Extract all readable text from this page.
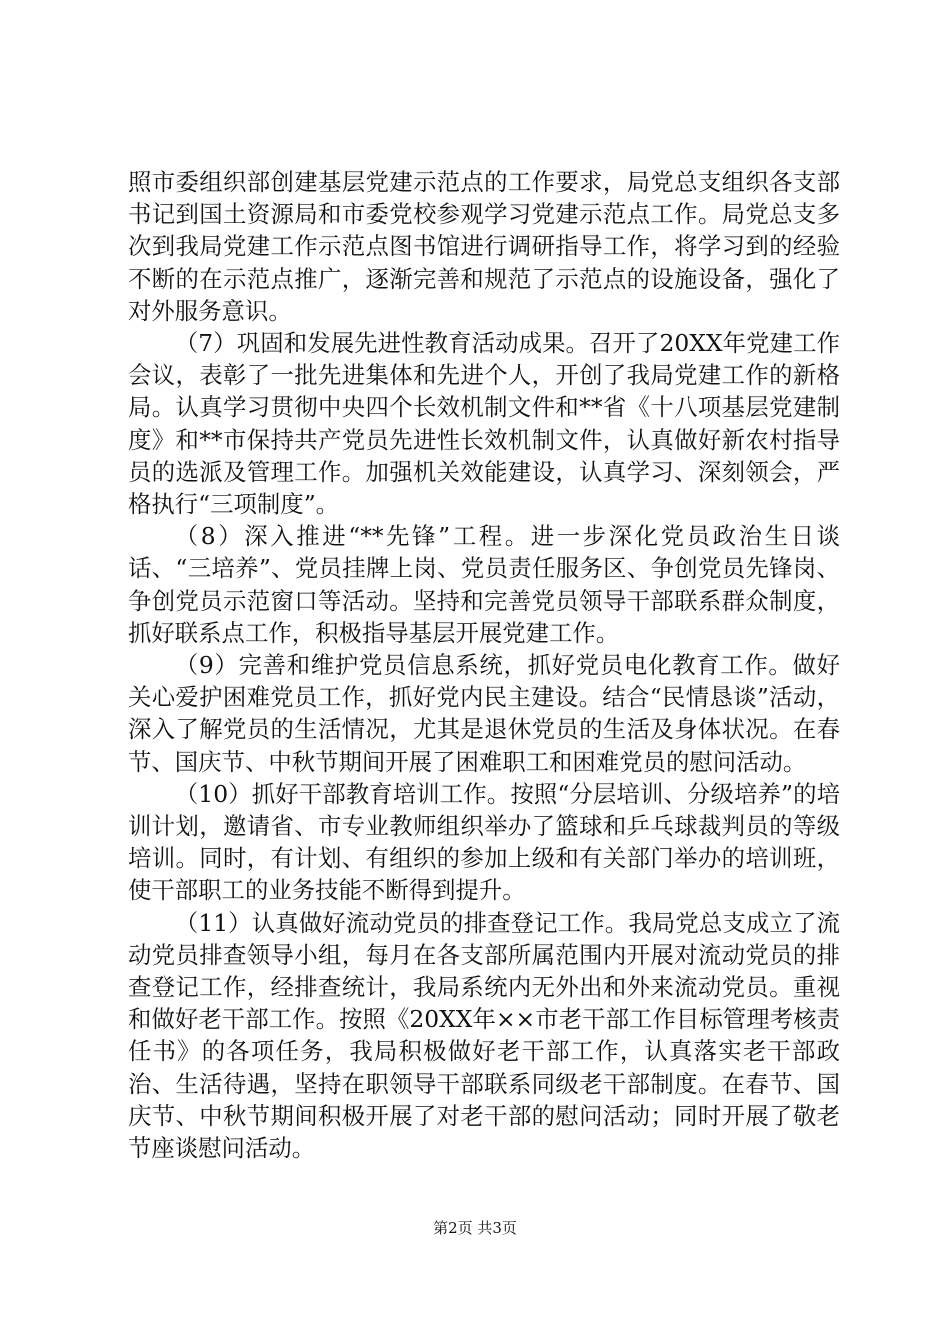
照市委组织部创建基层党建示范点的工作要求，局党总支组织各支部书记到国土资源局和市委党校参观学习党建示范点工作。局党总支多次到我局党建工作示范点图书馆进行调研指导工作，将学习到的经验不断的在示范点推广，逐渐完善和规范了示范点的设施设备，强化了对外服务意识。

（7）巩固和发展先进性教育活动成果。召开了20XX年党建工作会议，表彰了一批先进集体和先进个人，开创了我局党建工作的新格局。认真学习贯彻中央四个长效机制文件和**省《十八项基层党建制度》和**市保持共产党员先进性长效机制文件，认真做好新农村指导员的选派及管理工作。加强机关效能建设，认真学习、深刻领会，严格执行“三项制度”。

（8）深入推进“**先锋”工程。进一步深化党员政治生日谈话、“三培养”、党员挂牌上岗、党员责任服务区、争创党员先锋岗、争创党员示范窗口等活动。坚持和完善党员领导干部联系群众制度，抓好联系点工作，积极指导基层开展党建工作。

（9）完善和维护党员信息系统，抓好党员电化教育工作。做好关心爱护困难党员工作，抓好党内民主建设。结合“民情恳谈”活动，深入了解党员的生活情况，尤其是退休党员的生活及身体状况。在春节、国庆节、中秋节期间开展了困难职工和困难党员的慰问活动。

（10）抓好干部教育培训工作。按照“分层培训、分级培养”的培训计划，邀请省、市专业教师组织举办了篮球和乒乓球裁判员的等级培训。同时，有计划、有组织的参加上级和有关部门举办的培训班，使干部职工的业务技能不断得到提升。

（11）认真做好流动党员的排查登记工作。我局党总支成立了流动党员排查领导小组，每月在各支部所属范围内开展对流动党员的排查登记工作，经排查统计，我局系统内无外出和外来流动党员。重视和做好老干部工作。按照《20XX年××市老干部工作目标管理考核责任书》的各项任务，我局积极做好老干部工作，认真落实老干部政治、生活待遇，坚持在职领导干部联系同级老干部制度。在春节、国庆节、中秋节期间积极开展了对老干部的慰问活动；同时开展了敬老节座谈慰问活动。

第2页 共3页
